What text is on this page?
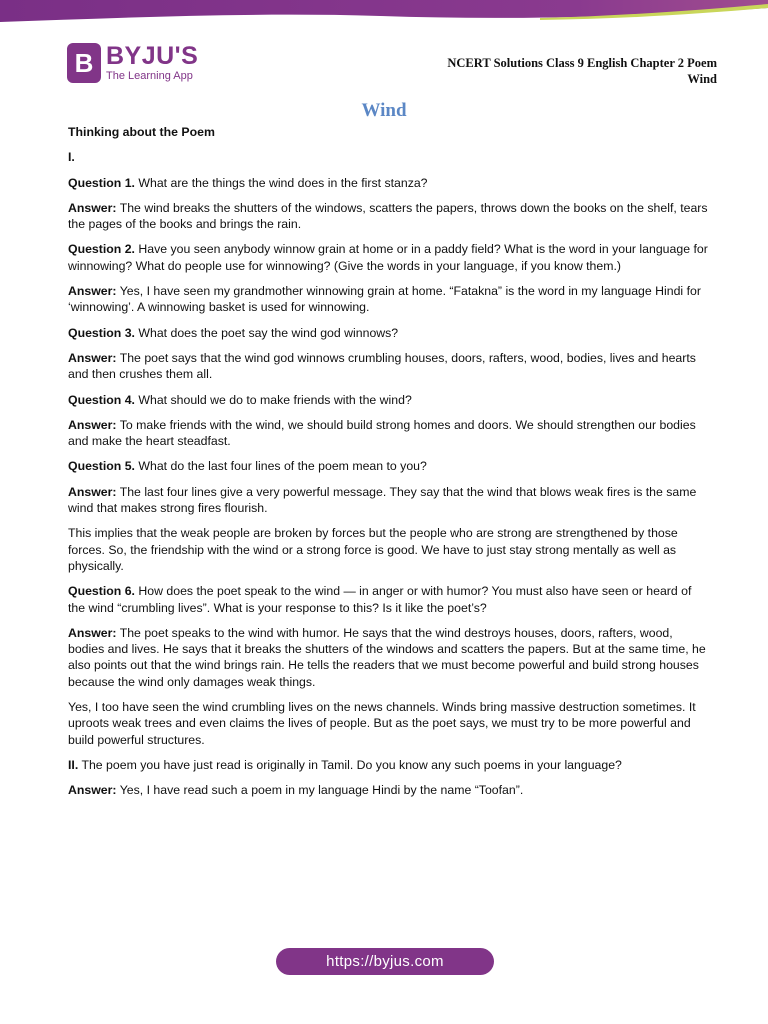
B BYJU'S
The Learning App
NCERT Solutions Class 9 English Chapter 2 Poem
Wind
Wind
Thinking about the Poem
I.

Question 1. What are the things the wind does in the first stanza?

Answer: The wind breaks the shutters of the windows, scatters the papers, throws down the books on the shelf, tears the pages of the books and brings the rain.

Question 2. Have you seen anybody winnow grain at home or in a paddy field? What is the word in your language for winnowing? What do people use for winnowing? (Give the words in your language, if you know them.)

Answer: Yes, I have seen my grandmother winnowing grain at home. “Fatakna” is the word in my language Hindi for ‘winnowing’. A winnowing basket is used for winnowing.

Question 3. What does the poet say the wind god winnows?

Answer: The poet says that the wind god winnows crumbling houses, doors, rafters, wood, bodies, lives and hearts and then crushes them all.

Question 4. What should we do to make friends with the wind?

Answer: To make friends with the wind, we should build strong homes and doors. We should strengthen our bodies and make the heart steadfast.

Question 5. What do the last four lines of the poem mean to you?

Answer: The last four lines give a very powerful message. They say that the wind that blows weak fires is the same wind that makes strong fires flourish.

This implies that the weak people are broken by forces but the people who are strong are strengthened by those forces. So, the friendship with the wind or a strong force is good. We have to just stay strong mentally as well as physically.

Question 6. How does the poet speak to the wind — in anger or with humor? You must also have seen or heard of the wind “crumbling lives”. What is your response to this? Is it like the poet’s?

Answer: The poet speaks to the wind with humor. He says that the wind destroys houses, doors, rafters, wood, bodies and lives. He says that it breaks the shutters of the windows and scatters the papers. But at the same time, he also points out that the wind brings rain. He tells the readers that we must become powerful and build strong houses because the wind only damages weak things.

Yes, I too have seen the wind crumbling lives on the news channels. Winds bring massive destruction sometimes. It uproots weak trees and even claims the lives of people. But as the poet says, we must try to be more powerful and build powerful structures.

II. The poem you have just read is originally in Tamil. Do you know any such poems in your language?

Answer: Yes, I have read such a poem in my language Hindi by the name “Toofan”.

https://byjus.com
